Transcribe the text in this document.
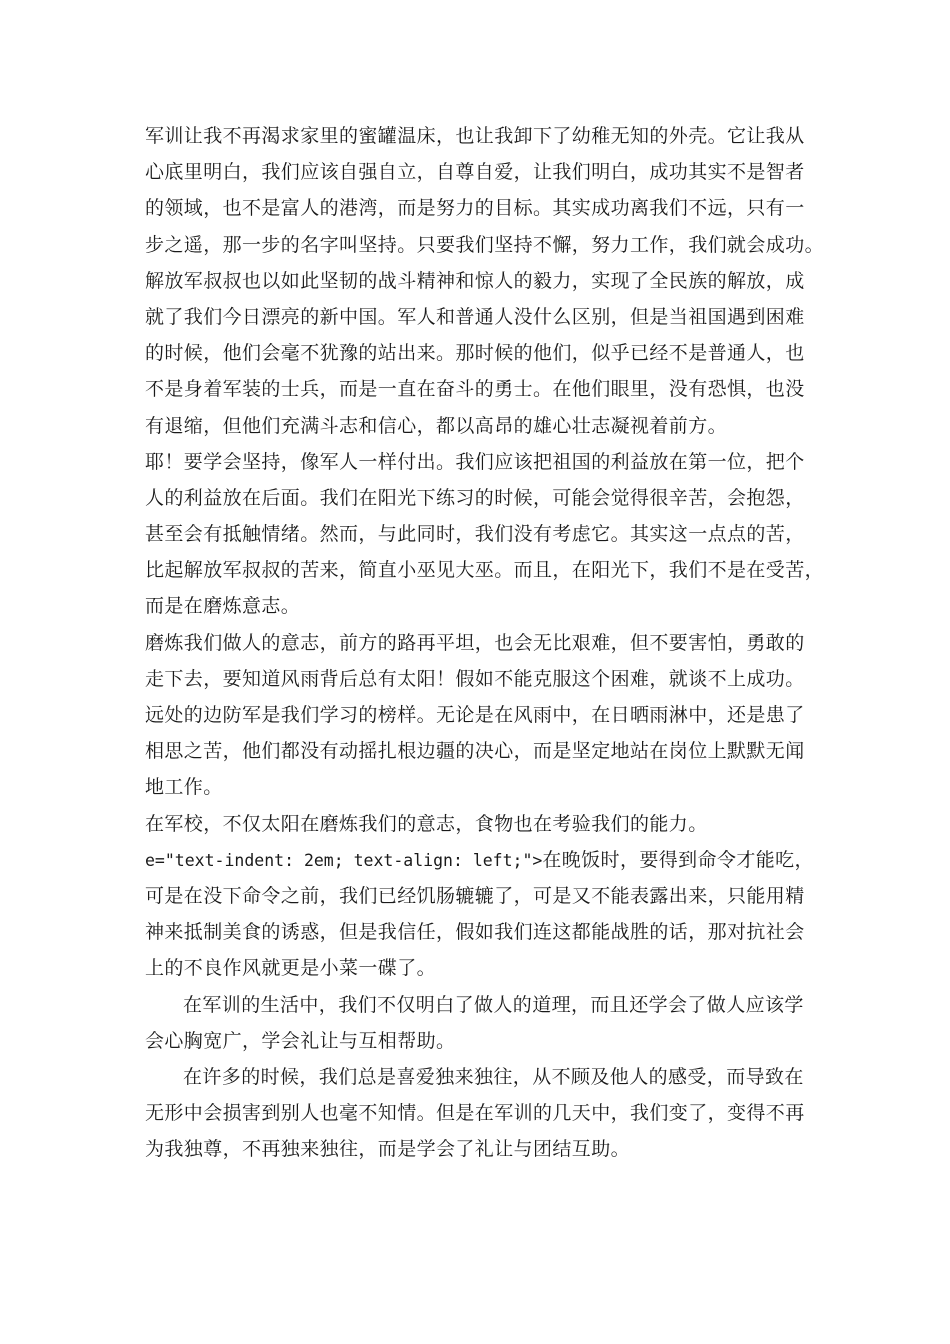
军训让我不再渴求家里的蜜罐温床，也让我卸下了幼稚无知的外壳。它让我从
心底里明白，我们应该自强自立，自尊自爱，让我们明白，成功其实不是智者
的领域，也不是富人的港湾，而是努力的目标。其实成功离我们不远，只有一
步之遥，那一步的名字叫坚持。只要我们坚持不懈，努力工作，我们就会成功。
解放军叔叔也以如此坚韧的战斗精神和惊人的毅力，实现了全民族的解放，成
就了我们今日漂亮的新中国。军人和普通人没什么区别，但是当祖国遇到困难
的时候，他们会毫不犹豫的站出来。那时候的他们，似乎已经不是普通人，也
不是身着军装的士兵，而是一直在奋斗的勇士。在他们眼里，没有恐惧，也没
有退缩，但他们充满斗志和信心，都以高昂的雄心壮志凝视着前方。
耶！要学会坚持，像军人一样付出。我们应该把祖国的利益放在第一位，把个
人的利益放在后面。我们在阳光下练习的时候，可能会觉得很辛苦，会抱怨，
甚至会有抵触情绪。然而，与此同时，我们没有考虑它。其实这一点点的苦，
比起解放军叔叔的苦来，简直小巫见大巫。而且，在阳光下，我们不是在受苦，
而是在磨炼意志。
磨炼我们做人的意志，前方的路再平坦，也会无比艰难，但不要害怕，勇敢的
走下去，要知道风雨背后总有太阳！假如不能克服这个困难，就谈不上成功。
远处的边防军是我们学习的榜样。无论是在风雨中，在日晒雨淋中，还是患了
相思之苦，他们都没有动摇扎根边疆的决心，而是坚定地站在岗位上默默无闻
地工作。
在军校，不仅太阳在磨炼我们的意志，食物也在考验我们的能力。
e="text-indent: 2em; text-align: left;">在晚饭时，要得到命令才能吃，
可是在没下命令之前，我们已经饥肠辘辘了，可是又不能表露出来，只能用精
神来抵制美食的诱惑，但是我信任，假如我们连这都能战胜的话，那对抗社会
上的不良作风就更是小菜一碟了。
在军训的生活中，我们不仅明白了做人的道理，而且还学会了做人应该学
会心胸宽广，学会礼让与互相帮助。
在许多的时候，我们总是喜爱独来独往，从不顾及他人的感受，而导致在
无形中会损害到别人也毫不知情。但是在军训的几天中，我们变了，变得不再
为我独尊，不再独来独往，而是学会了礼让与团结互助。
